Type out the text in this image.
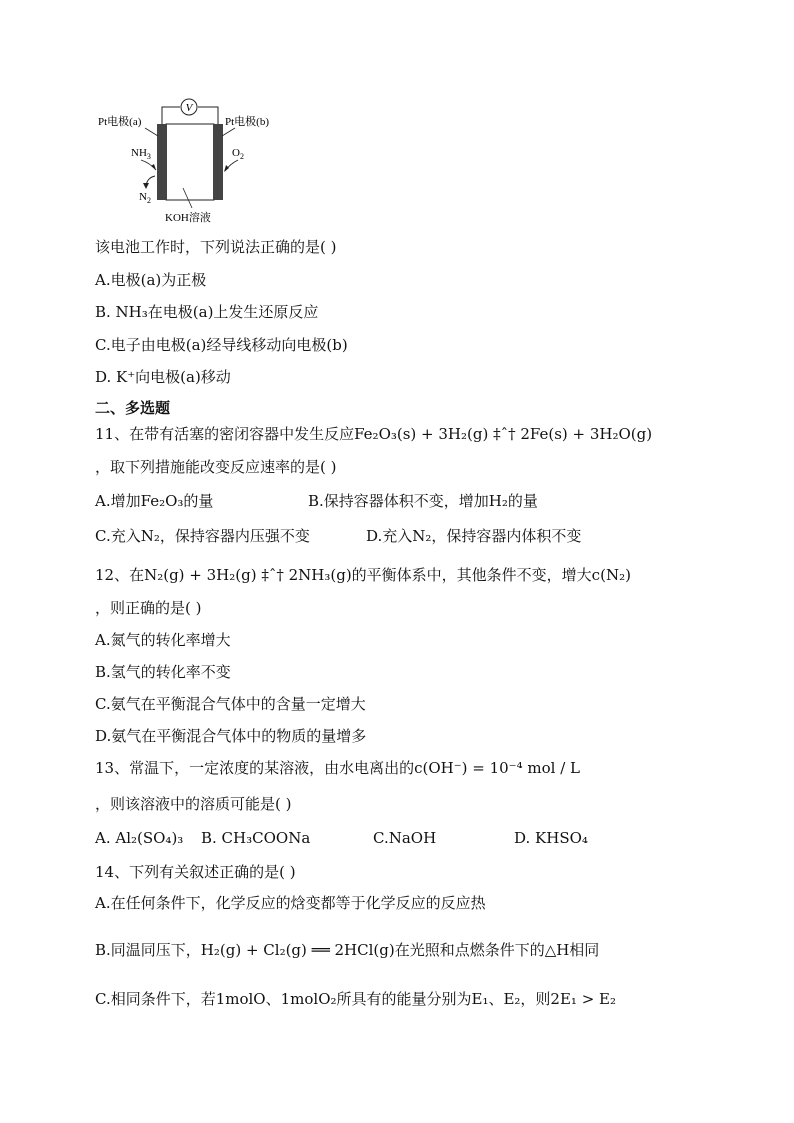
V
Pt电极(a)	Pt电极(b)
$NH_3$
$N_2$
$O_2$
KOH溶液
该电池工作时，下列说法正确的是( )
A.电极(a)为正极
B. NH₃在电极(a)上发生还原反应
C.电子由电极(a)经导线移动向电极(b)
D. K⁺向电极(a)移动
二、多选题
11、在带有活塞的密闭容器中发生反应Fe₂O₃(s) + 3H₂(g) ‡ˆ† 2Fe(s) + 3H₂O(g)
，取下列措施能改变反应速率的是( )
A.增加Fe₂O₃的量	B.保持容器体积不变，增加H₂的量
C.充入N₂，保持容器内压强不变	D.充入N₂，保持容器内体积不变
12、在N₂(g) + 3H₂(g) ‡ˆ† 2NH₃(g)的平衡体系中，其他条件不变，增大c(N₂)
，则正确的是( )
A.氮气的转化率增大
B.氢气的转化率不变
C.氨气在平衡混合气体中的含量一定增大
D.氨气在平衡混合气体中的物质的量增多
13、常温下，一定浓度的某溶液，由水电离出的c(OH⁻) = 10⁻⁴ mol / L
，则该溶液中的溶质可能是( )
A. Al₂(SO₄)₃ B. CH₃COONa	C.NaOH	D. KHSO₄
14、下列有关叙述正确的是( )
A.在任何条件下，化学反应的焓变都等于化学反应的反应热
B.同温同压下，H₂(g) + Cl₂(g) ══ 2HCl(g)在光照和点燃条件下的△H相同
C.相同条件下，若1molO、1molO₂所具有的能量分别为E₁、E₂，则2E₁ > E₂
